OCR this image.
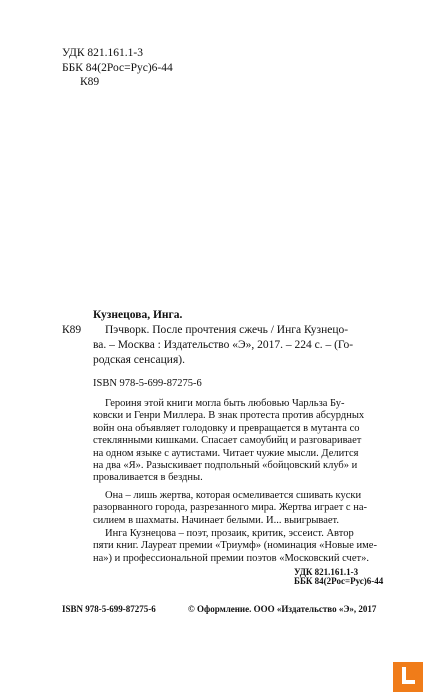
УДК 821.161.1-3
ББК 84(2Рос=Рус)6-44
К89
Кузнецова, Инга.
К89	Пэчворк. После прочтения сжечь / Инга Кузнецо-
ва. – Москва : Издательство «Э», 2017. – 224 с. – (Го-
родская сенсация).
ISBN 978-5-699-87275-6
Героиня этой книги могла быть любовью Чарльза Бу-
ковски и Генри Миллера. В знак протеста против абсурдных
войн она объявляет голодовку и превращается в мутанта со
стеклянными кишками. Спасает самоубийц и разговаривает
на одном языке с аутистами. Читает чужие мысли. Делится
на два «Я». Разыскивает подпольный «бойцовский клуб» и
проваливается в бездны.
Она – лишь жертва, которая осмеливается сшивать куски
разорванного города, разрезанного мира. Жертва играет с на-
силием в шахматы. Начинает белыми. И... выигрывает.
Инга Кузнецова – поэт, прозаик, критик, эссеист. Автор
пяти книг. Лауреат премии «Триумф» (номинация «Новые име-
на») и профессиональной премии поэтов «Московский счет».
УДК 821.161.1-3
ББК 84(2Рос=Рус)6-44
ISBN 978-5-699-87275-6	© Оформление. ООО «Издательство «Э», 2017
